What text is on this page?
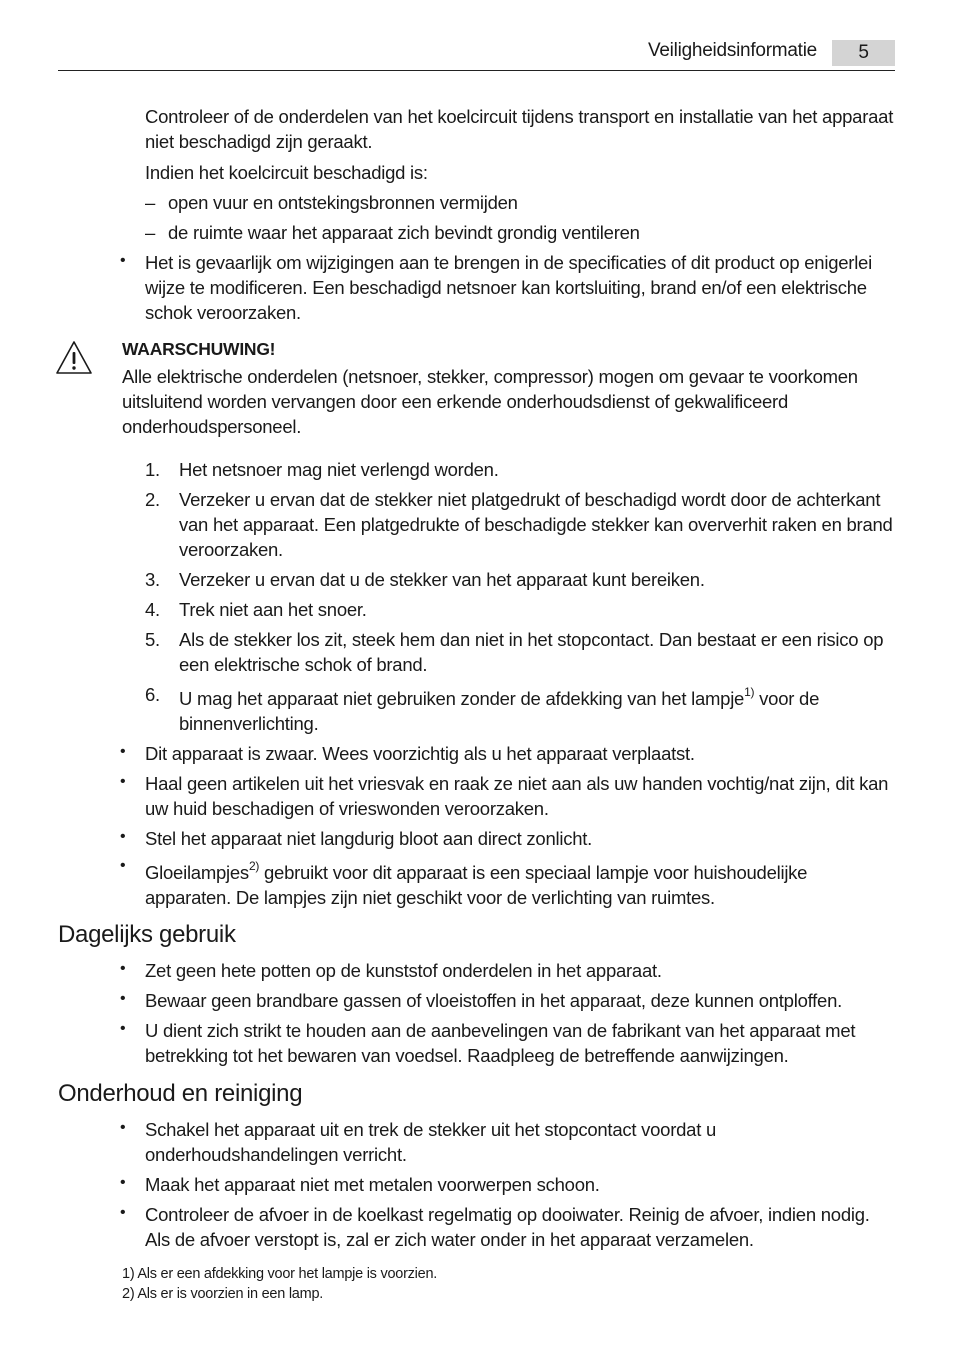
Veiligheidsinformatie	5

Controleer of de onderdelen van het koelcircuit tijdens transport en installatie van het apparaat niet beschadigd zijn geraakt.

Indien het koelcircuit beschadigd is:

– open vuur en ontstekingsbronnen vermijden
– de ruimte waar het apparaat zich bevindt grondig ventileren
• Het is gevaarlijk om wijzigingen aan te brengen in de specificaties of dit product op enigerlei wijze te modificeren. Een beschadigd netsnoer kan kortsluiting, brand en/of een elektrische schok veroorzaken.
WAARSCHUWING!
Alle elektrische onderdelen (netsnoer, stekker, compressor) mogen om gevaar te voorkomen uitsluitend worden vervangen door een erkende onderhoudsdienst of gekwalificeerd onderhoudspersoneel.
1. Het netsnoer mag niet verlengd worden.
2. Verzeker u ervan dat de stekker niet platgedrukt of beschadigd wordt door de achterkant van het apparaat. Een platgedrukte of beschadigde stekker kan oververhit raken en brand veroorzaken.
3. Verzeker u ervan dat u de stekker van het apparaat kunt bereiken.
4. Trek niet aan het snoer.
5. Als de stekker los zit, steek hem dan niet in het stopcontact. Dan bestaat er een risico op een elektrische schok of brand.
6. U mag het apparaat niet gebruiken zonder de afdekking van het lampje$^{1)}$ voor de binnenverlichting.
• Dit apparaat is zwaar. Wees voorzichtig als u het apparaat verplaatst.
• Haal geen artikelen uit het vriesvak en raak ze niet aan als uw handen vochtig/nat zijn, dit kan uw huid beschadigen of vrieswonden veroorzaken.
• Stel het apparaat niet langdurig bloot aan direct zonlicht.
• Gloeilampjes$^{2)}$ gebruikt voor dit apparaat is een speciaal lampje voor huishoudelijke apparaten. De lampjes zijn niet geschikt voor de verlichting van ruimtes.
Dagelijks gebruik
• Zet geen hete potten op de kunststof onderdelen in het apparaat.
• Bewaar geen brandbare gassen of vloeistoffen in het apparaat, deze kunnen ontploffen.
• U dient zich strikt te houden aan de aanbevelingen van de fabrikant van het apparaat met betrekking tot het bewaren van voedsel. Raadpleeg de betreffende aanwijzingen.
Onderhoud en reiniging
• Schakel het apparaat uit en trek de stekker uit het stopcontact voordat u onderhoudshandelingen verricht.
• Maak het apparaat niet met metalen voorwerpen schoon.
• Controleer de afvoer in de koelkast regelmatig op dooiwater. Reinig de afvoer, indien nodig. Als de afvoer verstopt is, zal er zich water onder in het apparaat verzamelen.
1) Als er een afdekking voor het lampje is voorzien.
2) Als er is voorzien in een lamp.
